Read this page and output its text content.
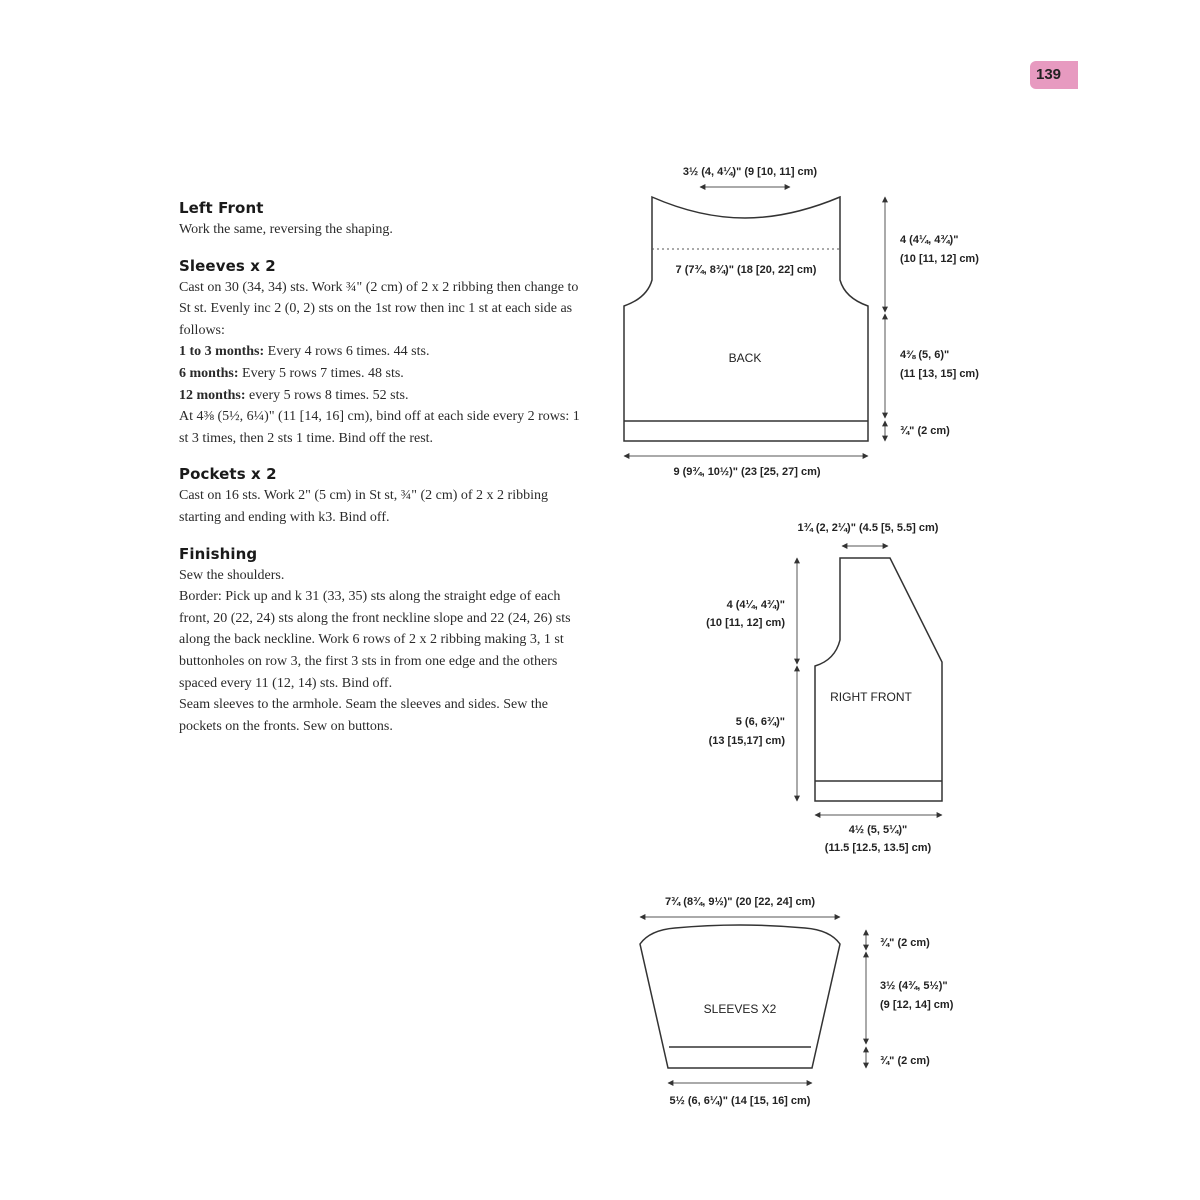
139
Left Front

Work the same, reversing the shaping.

Sleeves x 2

Cast on 30 (34, 34) sts. Work ¾" (2 cm) of 2 x 2 ribbing then change to St st. Evenly inc 2 (0, 2) sts on the 1st row then inc 1 st at each side as follows:
1 to 3 months: Every 4 rows 6 times. 44 sts.
6 months: Every 5 rows 7 times. 48 sts.
12 months: every 5 rows 8 times. 52 sts.
At 4⅜ (5½, 6¼)" (11 [14, 16] cm), bind off at each side every 2 rows: 1 st 3 times, then 2 sts 1 time. Bind off the rest.

Pockets x 2

Cast on 16 sts. Work 2" (5 cm) in St st, ¾" (2 cm) of 2 x 2 ribbing starting and ending with k3. Bind off.

Finishing

Sew the shoulders.
Border: Pick up and k 31 (33, 35) sts along the straight edge of each front, 20 (22, 24) sts along the front neckline slope and 22 (24, 26) sts along the back neckline. Work 6 rows of 2 x 2 ribbing making 3, 1 st buttonholes on row 3, the first 3 sts in from one edge and the others spaced every 11 (12, 14) sts. Bind off.
Seam sleeves to the armhole. Seam the sleeves and sides. Sew the pockets on the fronts. Sew on buttons.

3½ (4, 4¼)" (9 [10, 11] cm)
7 (7¾, 8¾)" (18 [20, 22] cm)
BACK
9 (9¾, 10½)" (23 [25, 27] cm)
4 (4¼, 4¾)"
(10 [11, 12] cm)
4⅜ (5, 6)"
(11 [13, 15] cm)
¾" (2 cm)
1¾ (2, 2¼)" (4.5 [5, 5.5] cm)
4 (4¼, 4¾)"
(10 [11, 12] cm)
5 (6, 6¾)"
(13 [15,17] cm)
RIGHT FRONT
4½ (5, 5¼)"
(11.5 [12.5, 13.5] cm)
7¾ (8¾, 9½)" (20 [22, 24] cm)
SLEEVES X2
5½ (6, 6¼)" (14 [15, 16] cm)
¾" (2 cm)
3½ (4¾, 5½)"
(9 [12, 14] cm)
¾" (2 cm)
